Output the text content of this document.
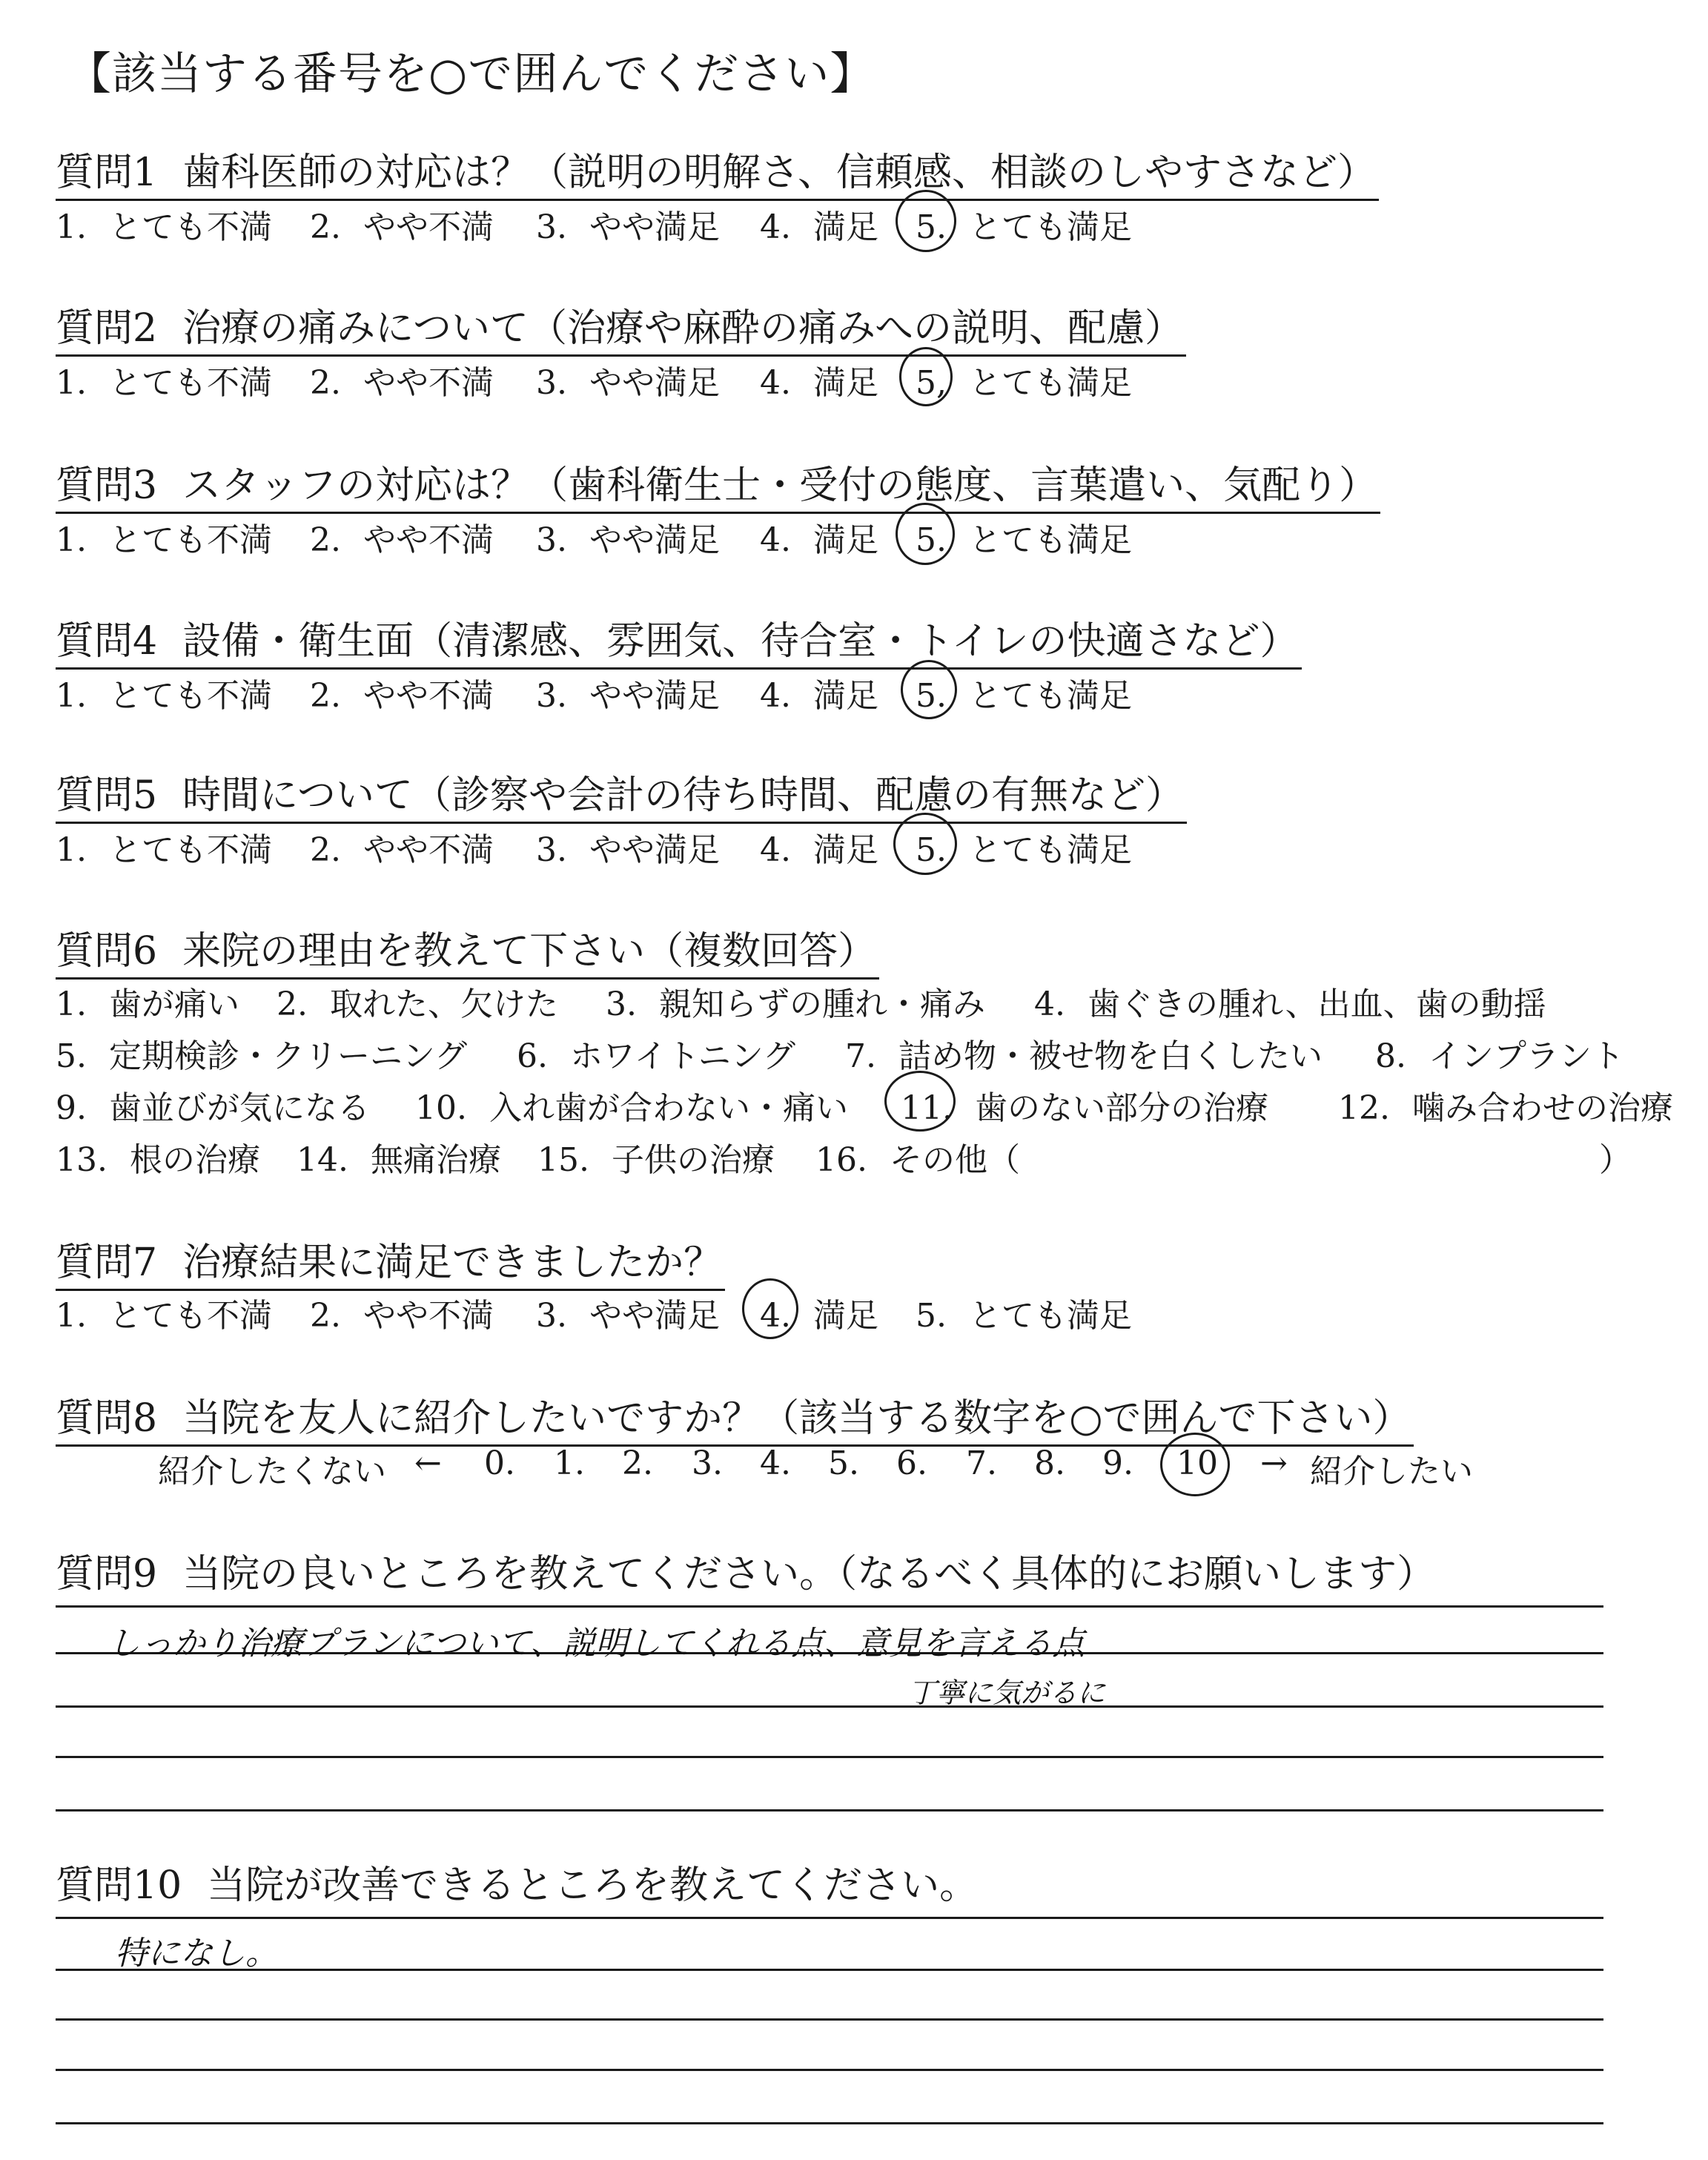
【該当する番号を○で囲んでください】
質問1 歯科医師の対応は？（説明の明解さ、信頼感、相談のしやすさなど）
1. とても不満 2. やや不満 3. やや満足 4. 満足 5. とても満足
質問2 治療の痛みについて（治療や麻酔の痛みへの説明、配慮）
1. とても不満 2. やや不満 3. やや満足 4. 満足 5, とても満足
質問3 スタッフの対応は？（歯科衛生士・受付の態度、言葉遣い、気配り）
1. とても不満 2. やや不満 3. やや満足 4. 満足 5. とても満足
質問4 設備・衛生面（清潔感、雰囲気、待合室・トイレの快適さなど）
1. とても不満 2. やや不満 3. やや満足 4. 満足 5. とても満足
質問5 時間について（診察や会計の待ち時間、配慮の有無など）
1. とても不満 2. やや不満 3. やや満足 4. 満足 5. とても満足
質問6 来院の理由を教えて下さい（複数回答）
1. 歯が痛い 2. 取れた、欠けた 3. 親知らずの腫れ・痛み 4. 歯ぐきの腫れ、出血、歯の動揺
5. 定期検診・クリーニング 6. ホワイトニング 7. 詰め物・被せ物を白くしたい 8. インプラント
9. 歯並びが気になる 10. 入れ歯が合わない・痛い 11. 歯のない部分の治療 12. 噛み合わせの治療
13. 根の治療 14. 無痛治療 15. 子供の治療 16. その他（	）
質問7 治療結果に満足できましたか？
1. とても不満 2. やや不満 3. やや満足 4. 満足 5. とても満足
質問8 当院を友人に紹介したいですか？（該当する数字を○で囲んで下さい）
紹介したくない ← 0. 1. 2. 3. 4. 5. 6. 7. 8. 9. 10 → 紹介したい
質問9 当院の良いところを教えてください。（なるべく具体的にお願いします）
しっかり治療プランについて、説明してくれる点、意見を言える点
丁寧に気がるに
質問10 当院が改善できるところを教えてください。
特になし。
